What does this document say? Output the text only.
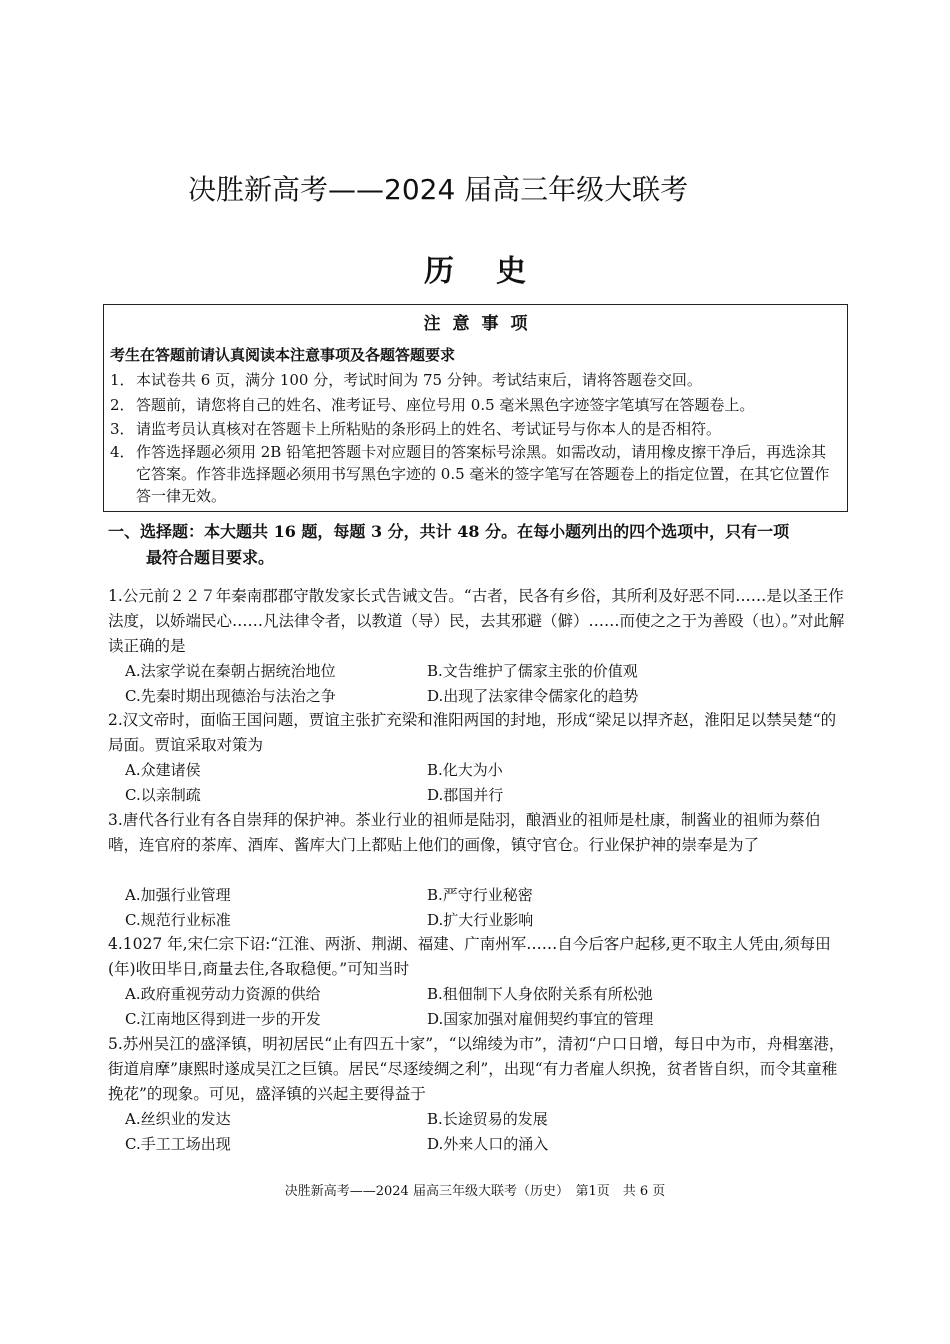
决胜新高考——2024 届高三年级大联考
历史
注意事项
考生在答题前请认真阅读本注意事项及各题答题要求
1．本试卷共 6 页，满分 100 分，考试时间为 75 分钟。考试结束后，请将答题卷交回。
2．答题前，请您将自己的姓名、准考证号、座位号用 0.5 毫米黑色字迹签字笔填写在答题卷上。
3．请监考员认真核对在答题卡上所粘贴的条形码上的姓名、考试证号与你本人的是否相符。
4．作答选择题必须用 2B 铅笔把答题卡对应题目的答案标号涂黑。如需改动，请用橡皮擦干净后，再选涂其它答案。作答非选择题必须用书写黑色字迹的 0.5 毫米的签字笔写在答题卷上的指定位置，在其它位置作答一律无效。
一、选择题：本大题共 16 题，每题 3 分，共计 48 分。在每小题列出的四个选项中，只有一项
最符合题目要求。
1.公元前２２７年秦南郡郡守散发家长式告诫文告。“古者，民各有乡俗，其所利及好恶不同……是以圣王作法度，以娇端民心……凡法律令者，以教道（导）民，去其邪避（僻）……而使之之于为善殴（也）。”对此解读正确的是
A.法家学说在秦朝占据统治地位	B.文告维护了儒家主张的价值观
C.先秦时期出现德治与法治之争	D.出现了法家律令儒家化的趋势
2.汉文帝时，面临王国问题，贾谊主张扩充梁和淮阳两国的封地，形成“梁足以捍齐赵，淮阳足以禁吴楚“的局面。贾谊采取对策为
A.众建诸侯	B.化大为小
C.以亲制疏	D.郡国并行
3.唐代各行业有各自崇拜的保护神。茶业行业的祖师是陆羽，酿酒业的祖师是杜康，制酱业的祖师为蔡伯喈，连官府的茶库、酒库、酱库大门上都贴上他们的画像，镇守官仓。行业保护神的崇奉是为了
A.加强行业管理	B.严守行业秘密
C.规范行业标准	D.扩大行业影响
4.1027 年,宋仁宗下诏:“江淮、两浙、荆湖、福建、广南州军……自今后客户起移,更不取主人凭由,须每田(年)收田毕日,商量去住,各取稳便。”可知当时
A.政府重视劳动力资源的供给	B.租佃制下人身依附关系有所松弛
C.江南地区得到进一步的开发	D.国家加强对雇佣契约事宜的管理
5.苏州吴江的盛泽镇，明初居民“止有四五十家”，“以绵绫为市”，清初“户口日增，每日中为市，舟楫塞港，街道肩摩”康熙时遂成吴江之巨镇。居民“尽逐绫绸之利”，出现“有力者雇人织挽，贫者皆自织，而令其童稚挽花”的现象。可见，盛泽镇的兴起主要得益于
A.丝织业的发达	B.长途贸易的发展
C.手工工场出现	D.外来人口的涌入
决胜新高考——2024 届高三年级大联考（历史）　第1页　共 6 页
